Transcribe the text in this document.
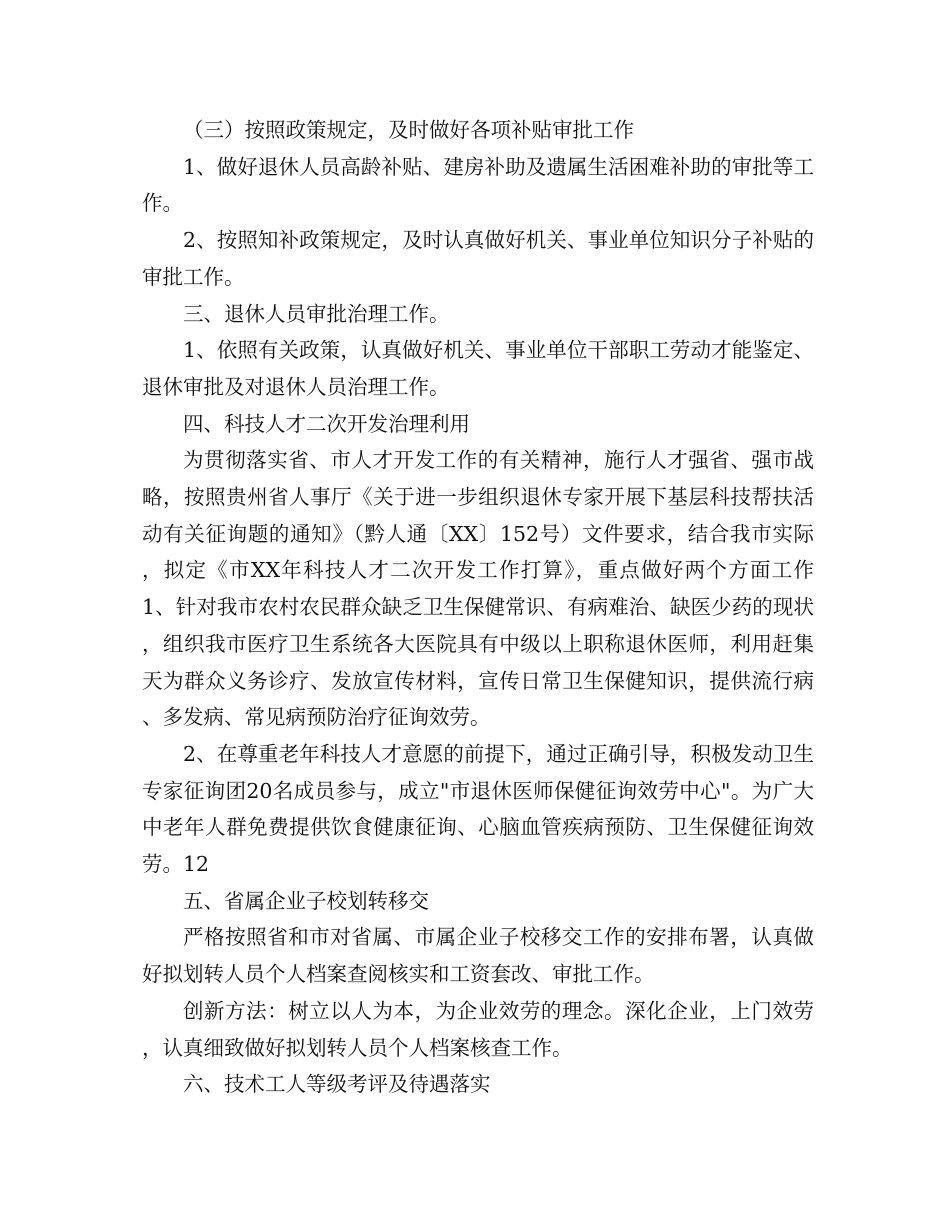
（三）按照政策规定，及时做好各项补贴审批工作

1、做好退休人员高龄补贴、建房补助及遗属生活困难补助的审批等工作。

2、按照知补政策规定，及时认真做好机关、事业单位知识分子补贴的审批工作。

三、退休人员审批治理工作。

1、依照有关政策，认真做好机关、事业单位干部职工劳动才能鉴定、退休审批及对退休人员治理工作。

四、科技人才二次开发治理利用

为贯彻落实省、市人才开发工作的有关精神，施行人才强省、强市战略，按照贵州省人事厅《关于进一步组织退休专家开展下基层科技帮扶活动有关征询题的通知》（黔人通〔XX〕152号）文件要求，结合我市实际，拟定《市XX年科技人才二次开发工作打算》，重点做好两个方面工作　　1、针对我市农村农民群众缺乏卫生保健常识、有病难治、缺医少药的现状，组织我市医疗卫生系统各大医院具有中级以上职称退休医师，利用赶集天为群众义务诊疗、发放宣传材料，宣传日常卫生保健知识，提供流行病、多发病、常见病预防治疗征询效劳。

2、在尊重老年科技人才意愿的前提下，通过正确引导，积极发动卫生专家征询团20名成员参与，成立"市退休医师保健征询效劳中心"。为广大中老年人群免费提供饮食健康征询、心脑血管疾病预防、卫生保健征询效劳。12

五、省属企业子校划转移交

严格按照省和市对省属、市属企业子校移交工作的安排布署，认真做好拟划转人员个人档案查阅核实和工资套改、审批工作。

创新方法：树立以人为本，为企业效劳的理念。深化企业，上门效劳，认真细致做好拟划转人员个人档案核查工作。

六、技术工人等级考评及待遇落实
